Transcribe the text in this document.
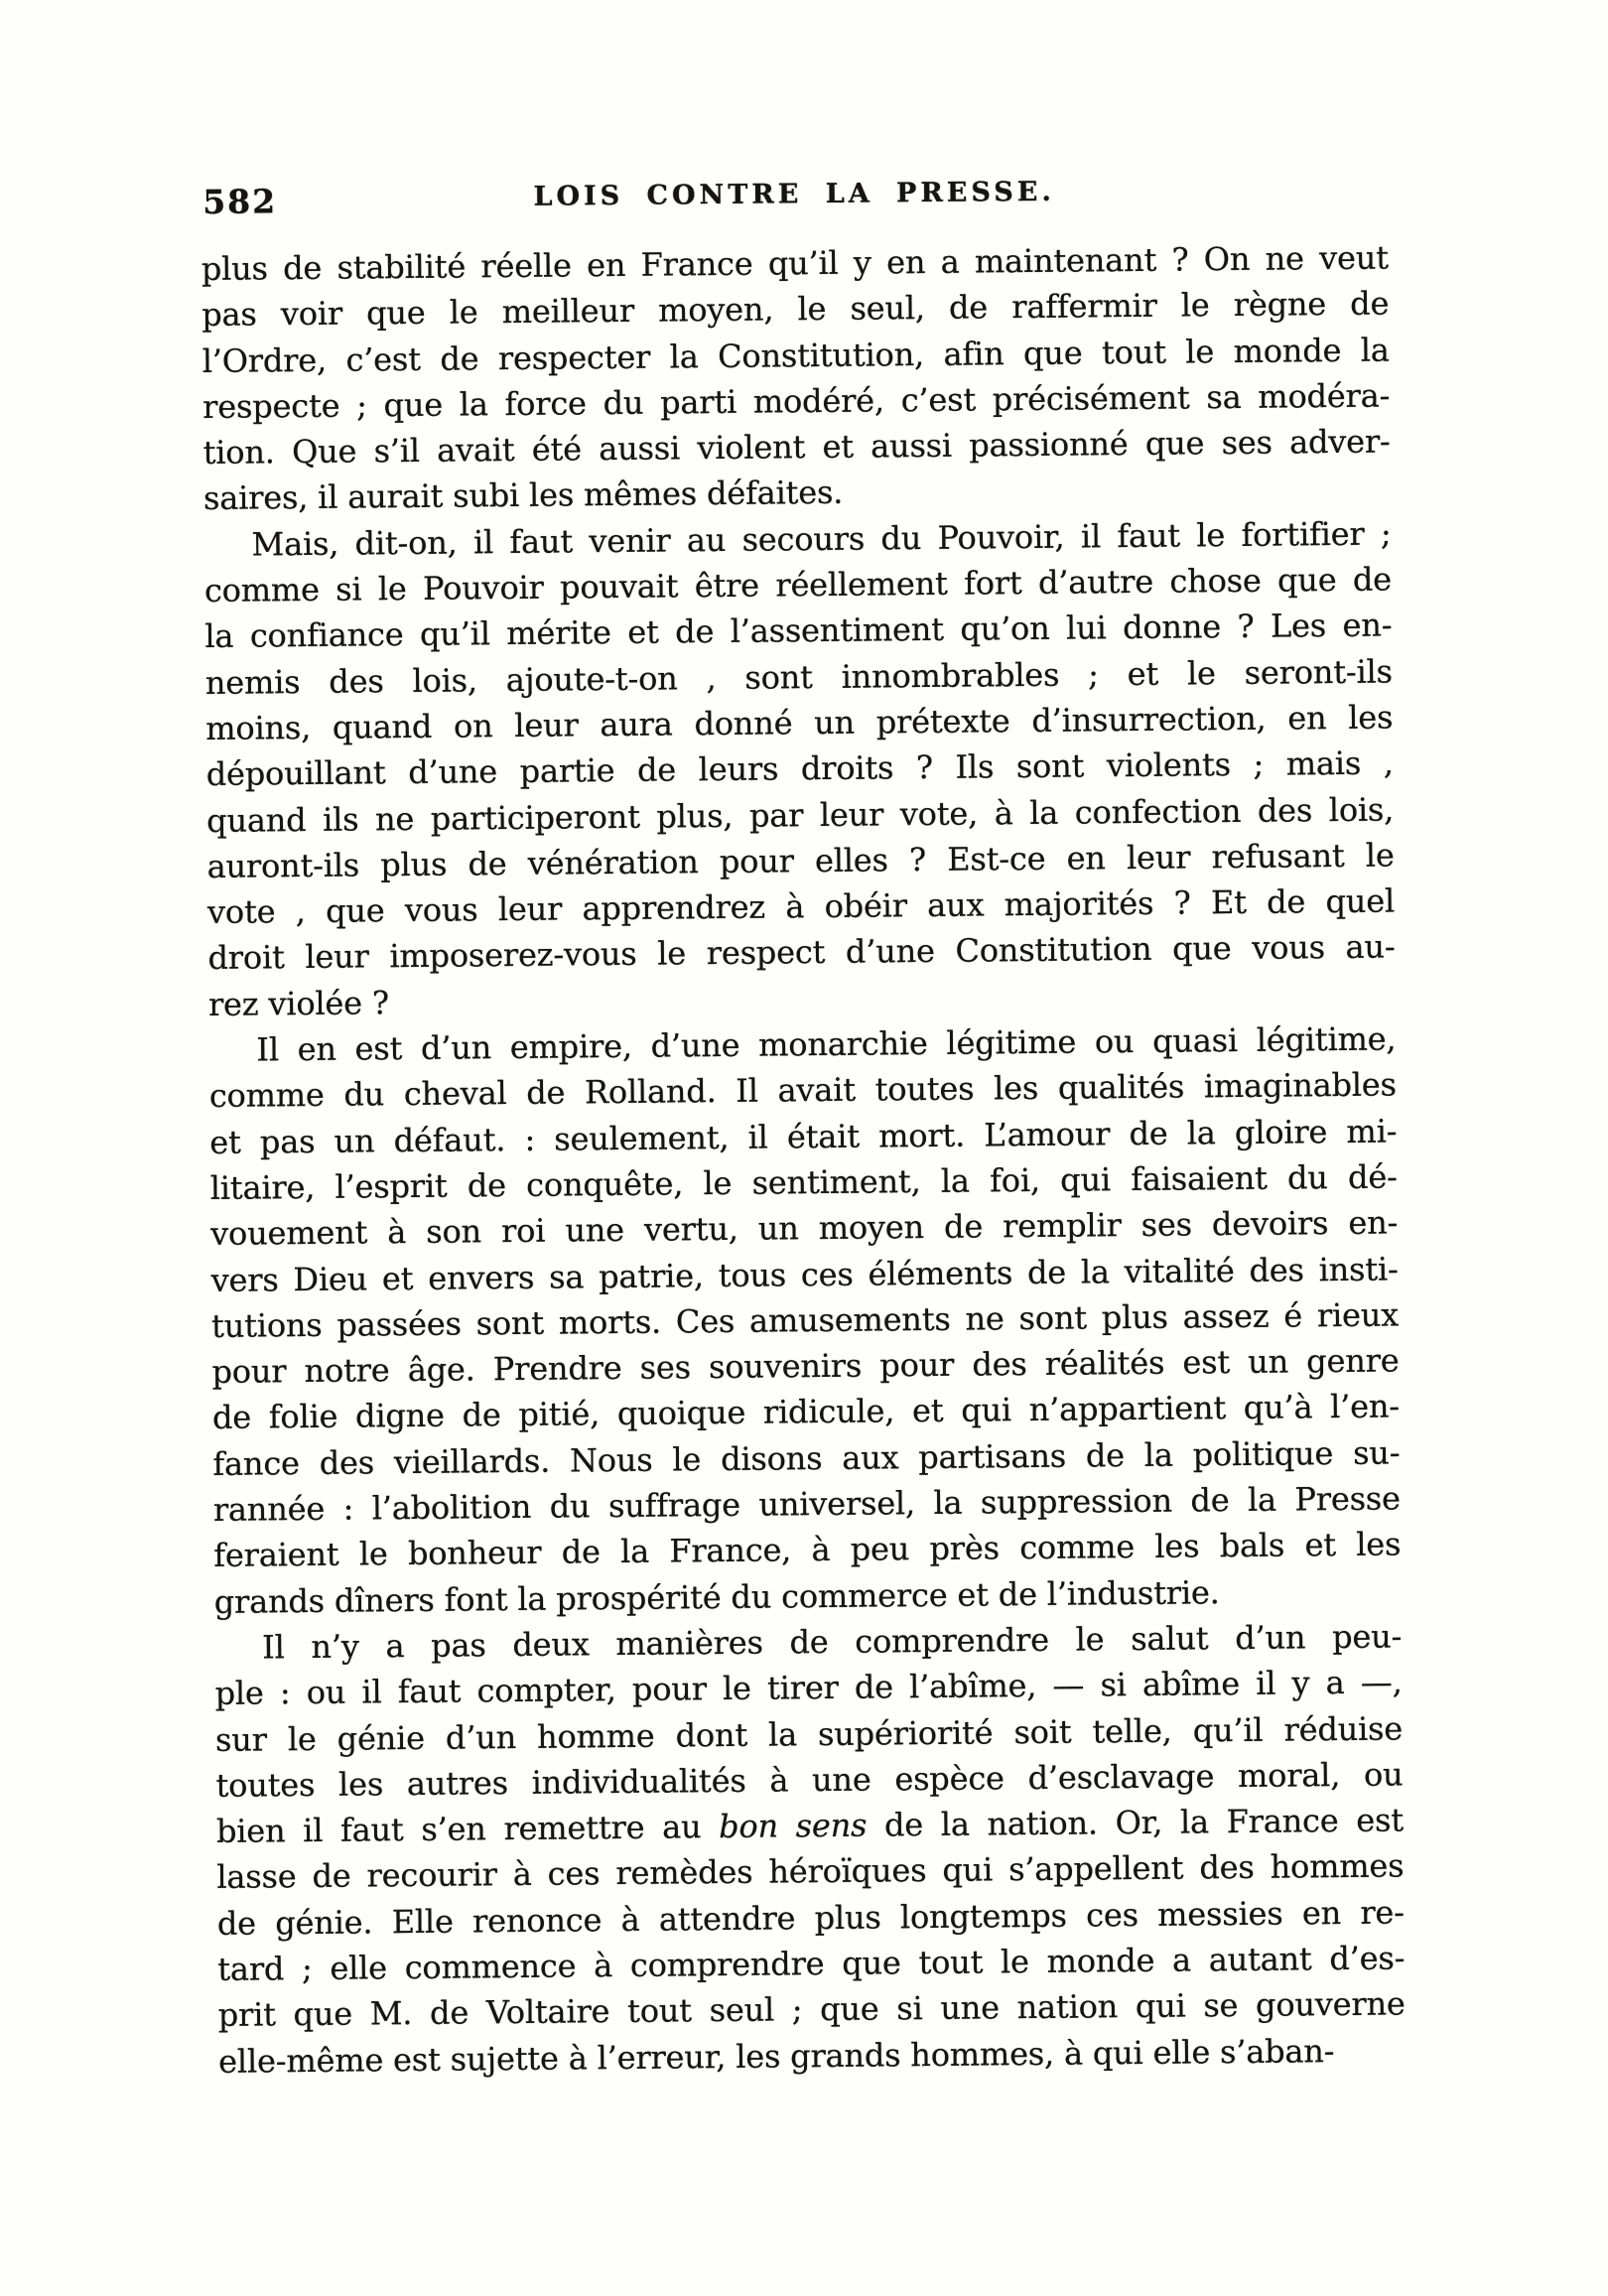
582	LOIS CONTRE LA PRESSE.
plus de stabilité réelle en France qu’il y en a maintenant ? On ne veut
pas voir que le meilleur moyen, le seul, de raffermir le règne de
l’Ordre, c’est de respecter la Constitution, afin que tout le monde la
respecte ; que la force du parti modéré, c’est précisément sa modéra-
tion. Que s’il avait été aussi violent et aussi passionné que ses adver-
saires, il aurait subi les mêmes défaites.
Mais, dit-on, il faut venir au secours du Pouvoir, il faut le fortifier ;
comme si le Pouvoir pouvait être réellement fort d’autre chose que de
la confiance qu’il mérite et de l’assentiment qu’on lui donne ? Les en-
nemis des lois, ajoute-t-on , sont innombrables ; et le seront-ils
moins, quand on leur aura donné un prétexte d’insurrection, en les
dépouillant d’une partie de leurs droits ? Ils sont violents ; mais ,
quand ils ne participeront plus, par leur vote, à la confection des lois,
auront-ils plus de vénération pour elles ? Est-ce en leur refusant le
vote , que vous leur apprendrez à obéir aux majorités ? Et de quel
droit leur imposerez-vous le respect d’une Constitution que vous au-
rez violée ?
Il en est d’un empire, d’une monarchie légitime ou quasi légitime,
comme du cheval de Rolland. Il avait toutes les qualités imaginables
et pas un défaut. : seulement, il était mort. L’amour de la gloire mi-
litaire, l’esprit de conquête, le sentiment, la foi, qui faisaient du dé-
vouement à son roi une vertu, un moyen de remplir ses devoirs en-
vers Dieu et envers sa patrie, tous ces éléments de la vitalité des insti-
tutions passées sont morts. Ces amusements ne sont plus assez é rieux
pour notre âge. Prendre ses souvenirs pour des réalités est un genre
de folie digne de pitié, quoique ridicule, et qui n’appartient qu’à l’en-
fance des vieillards. Nous le disons aux partisans de la politique su-
rannée : l’abolition du suffrage universel, la suppression de la Presse
feraient le bonheur de la France, à peu près comme les bals et les
grands dîners font la prospérité du commerce et de l’industrie.
Il n’y a pas deux manières de comprendre le salut d’un peu-
ple : ou il faut compter, pour le tirer de l’abîme, — si abîme il y a —,
sur le génie d’un homme dont la supériorité soit telle, qu’il réduise
toutes les autres individualités à une espèce d’esclavage moral, ou
bien il faut s’en remettre au bon sens de la nation. Or, la France est
lasse de recourir à ces remèdes héroïques qui s’appellent des hommes
de génie. Elle renonce à attendre plus longtemps ces messies en re-
tard ; elle commence à comprendre que tout le monde a autant d’es-
prit que M. de Voltaire tout seul ; que si une nation qui se gouverne
elle-même est sujette à l’erreur, les grands hommes, à qui elle s’aban-
